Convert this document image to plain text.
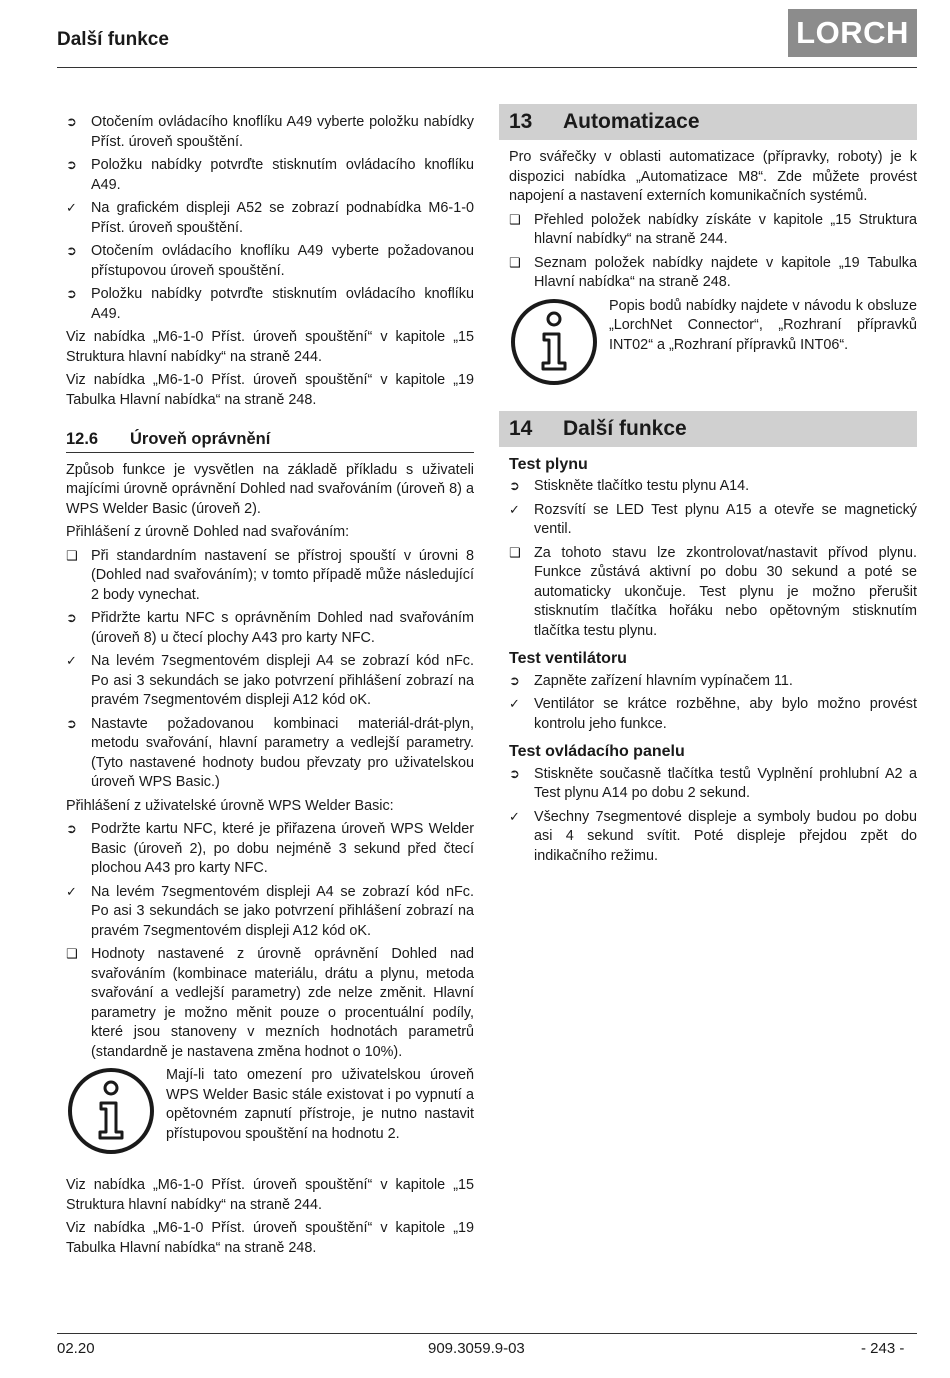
Další funkce	LORCH
➲ Otočením ovládacího knoflíku A49 vyberte položku nabídky Příst. úroveň spouštění.
➲ Položku nabídky potvrďte stisknutím ovládacího knoflíku A49.
✓ Na grafickém displeji A52 se zobrazí podnabídka M6-1-0 Příst. úroveň spouštění.
➲ Otočením ovládacího knoflíku A49 vyberte požadovanou přístupovou úroveň spouštění.
➲ Položku nabídky potvrďte stisknutím ovládacího knoflíku A49.
Viz nabídka „M6-1-0 Příst. úroveň spouštění“ v kapitole „15 Struktura hlavní nabídky“ na straně 244.
Viz nabídka „M6-1-0 Příst. úroveň spouštění“ v kapitole „19 Tabulka Hlavní nabídka“ na straně 248.
12.6	Úroveň oprávnění
Způsob funkce je vysvětlen na základě příkladu s uživateli majícími úrovně oprávnění Dohled nad svařováním (úroveň 8) a WPS Welder Basic (úroveň 2).
Přihlášení z úrovně Dohled nad svařováním:
❑ Při standardním nastavení se přístroj spouští v úrovni 8 (Dohled nad svařováním); v tomto případě může následující 2 body vynechat.
➲ Přidržte kartu NFC s oprávněním Dohled nad svařováním (úroveň 8) u čtecí plochy A43 pro karty NFC.
✓ Na levém 7segmentovém displeji A4 se zobrazí kód nFc. Po asi 3 sekundách se jako potvrzení přihlášení zobrazí na pravém 7segmentovém displeji A12 kód oK.
➲ Nastavte požadovanou kombinaci materiál-drát-plyn, metodu svařování, hlavní parametry a vedlejší parametry. (Tyto nastavené hodnoty budou převzaty pro uživatelskou úroveň WPS Basic.)
Přihlášení z uživatelské úrovně WPS Welder Basic:
➲ Podržte kartu NFC, které je přiřazena úroveň WPS Welder Basic (úroveň 2), po dobu nejméně 3 sekund před čtecí plochou A43 pro karty NFC.
✓ Na levém 7segmentovém displeji A4 se zobrazí kód nFc. Po asi 3 sekundách se jako potvrzení přihlášení zobrazí na pravém 7segmentovém displeji A12 kód oK.
❑ Hodnoty nastavené z úrovně oprávnění Dohled nad svařováním (kombinace materiálu, drátu a plynu, metoda svařování a vedlejší parametry) zde nelze změnit. Hlavní parametry je možno měnit pouze o procentuální podíly, které jsou stanoveny v mezních hodnotách parametrů (standardně je nastavena změna hodnot o 10%).
Mají-li tato omezení pro uživatelskou úroveň WPS Welder Basic stále existovat i po vypnutí a opětovném zapnutí přístroje, je nutno nastavit přístupovou spouštění na hodnotu 2.
Viz nabídka „M6-1-0 Příst. úroveň spouštění“ v kapitole „15 Struktura hlavní nabídky“ na straně 244.
Viz nabídka „M6-1-0 Příst. úroveň spouštění“ v kapitole „19 Tabulka Hlavní nabídka“ na straně 248.
13	Automatizace
Pro svářečky v oblasti automatizace (přípravky, roboty) je k dispozici nabídka „Automatizace M8“. Zde můžete provést napojení a nastavení externích komunikačních systémů.
❑ Přehled položek nabídky získáte v kapitole „15 Struktura hlavní nabídky“ na straně 244.
❑ Seznam položek nabídky najdete v kapitole „19 Tabulka Hlavní nabídka“ na straně 248.
Popis bodů nabídky najdete v návodu k obsluze „LorchNet Connector“, „Rozhraní přípravků INT02“ a „Rozhraní přípravků INT06“.
14	Další funkce
Test plynu
➲ Stiskněte tlačítko testu plynu A14.
✓ Rozsvítí se LED Test plynu A15 a otevře se magnetický ventil.
❑ Za tohoto stavu lze zkontrolovat/nastavit přívod plynu. Funkce zůstává aktivní po dobu 30 sekund a poté se automaticky ukončuje. Test plynu je možno přerušit stisknutím tlačítka hořáku nebo opětovným stisknutím tlačítka testu plynu.
Test ventilátoru
➲ Zapněte zařízení hlavním vypínačem 11.
✓ Ventilátor se krátce rozběhne, aby bylo možno provést kontrolu jeho funkce.
Test ovládacího panelu
➲ Stiskněte současně tlačítka testů Vyplnění prohlubní A2 a Test plynu A14 po dobu 2 sekund.
✓ Všechny 7segmentové displeje a symboly budou po dobu asi 4 sekund svítit. Poté displeje přejdou zpět do indikačního režimu.
02.20	909.3059.9-03	- 243 -
